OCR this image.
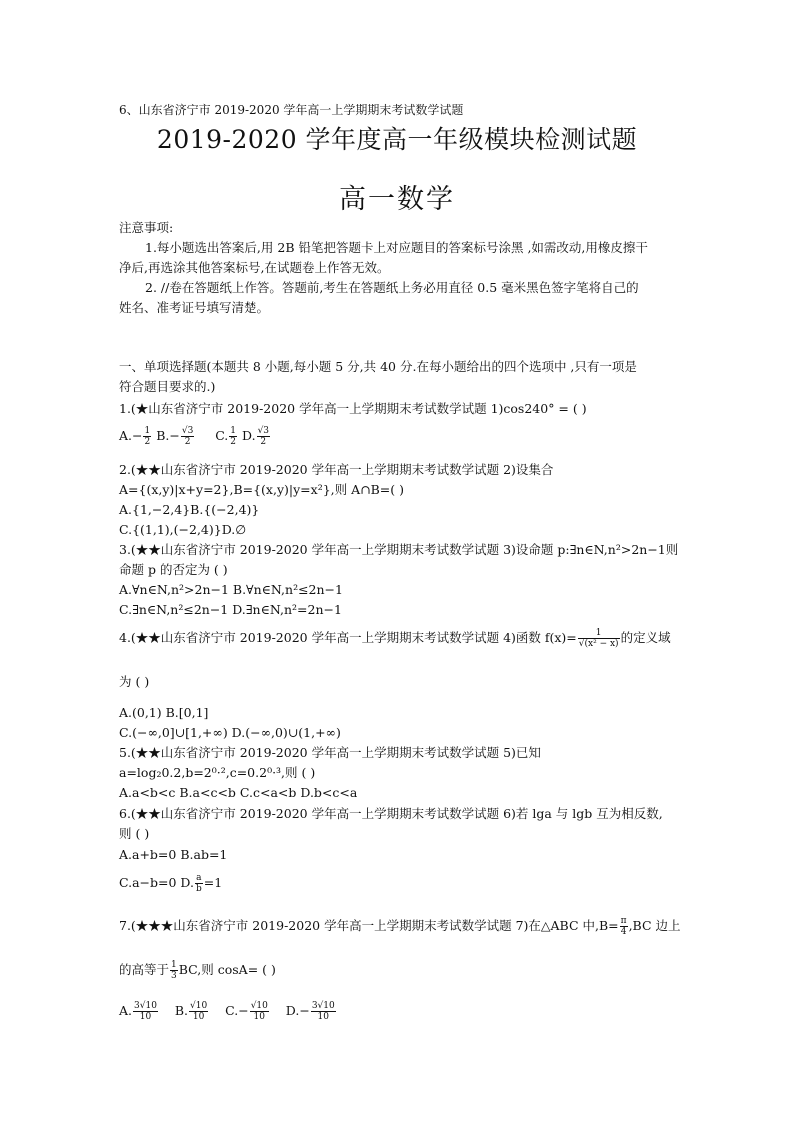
6、山东省济宁市 2019-2020 学年高一上学期期末考试数学试题
2019-2020 学年度高一年级模块检测试题
高一数学
注意事项:
1.每小题选出答案后,用 2B 铅笔把答题卡上对应题目的答案标号涂黑 ,如需改动,用橡皮擦干
净后,再选涂其他答案标号,在试题卷上作答无效。
2. //卷在答题纸上作答。答题前,考生在答题纸上务必用直径 0.5 毫米黑色签字笔将自己的
姓名、准考证号填写清楚。
一、单项选择题(本题共 8 小题,每小题 5 分,共 40 分.在每小题给出的四个选项中 ,只有一项是
符合题目要求的.)
1.(★山东省济宁市 2019-2020 学年高一上学期期末考试数学试题 1)cos240° = ( )
$A.- \frac{1}{2} B.- \frac{√3}{2} C$. $\frac{1}{2} D$. $\frac{√3}{2}$
2.(★★山东省济宁市 2019-2020 学年高一上学期期末考试数学试题 2)设集合
A={(x,y)|x+y=2},B={(x,y)|y=x²},则 A∩B=( )
A.{1,−2,4}B.{(−2,4)}
C.{(1,1),(−2,4)}D.∅
3.(★★山东省济宁市 2019-2020 学年高一上学期期末考试数学试题 3)设命题 p:∃n∈N,n²>2n−1则
命题 p 的否定为 ( )
A.∀n∈N,n²>2n−1 B.∀n∈N,n²≤2n−1
C.∃n∈N,n²≤2n−1 D.∃n∈N,n²=2n−1
4.(★★山东省济宁市 2019-2020 学年高一上学期期末考试数学试题 4)函数 $f(x)= \frac{1}{\text{√(x² − x)}}$ 的定义域
为 ( )
A.(0,1) B.[0,1]
C.(−∞,0]∪[1,+∞) D.(−∞,0)∪(1,+∞)
5.(★★山东省济宁市 2019-2020 学年高一上学期期末考试数学试题 5)已知
a=log₂0.2,b=2⁰·²,c=0.2⁰·³,则 ( )
A.a<b<c B.a<c<b C.c<a<b D.b<c<a
6.(★★山东省济宁市 2019-2020 学年高一上学期期末考试数学试题 6)若 lga 与 lgb 互为相反数,
则 ( )
A.a+b=0 B.ab=1
C.a−b=0 D. $\frac{a}{b} =1$
7.(★★★山东省济宁市 2019-2020 学年高一上学期期末考试数学试题 7)在△ABC 中$,B= \frac{\pi}{4} ,BC$ 边上
的高等于 $\frac{1}{3}$ BC,则 cosA= ( )
A. $\frac{3√10}{10} B$. $\frac{√10}{10} C.- \frac{√10}{10} D.- \frac{3√10}{10}$
